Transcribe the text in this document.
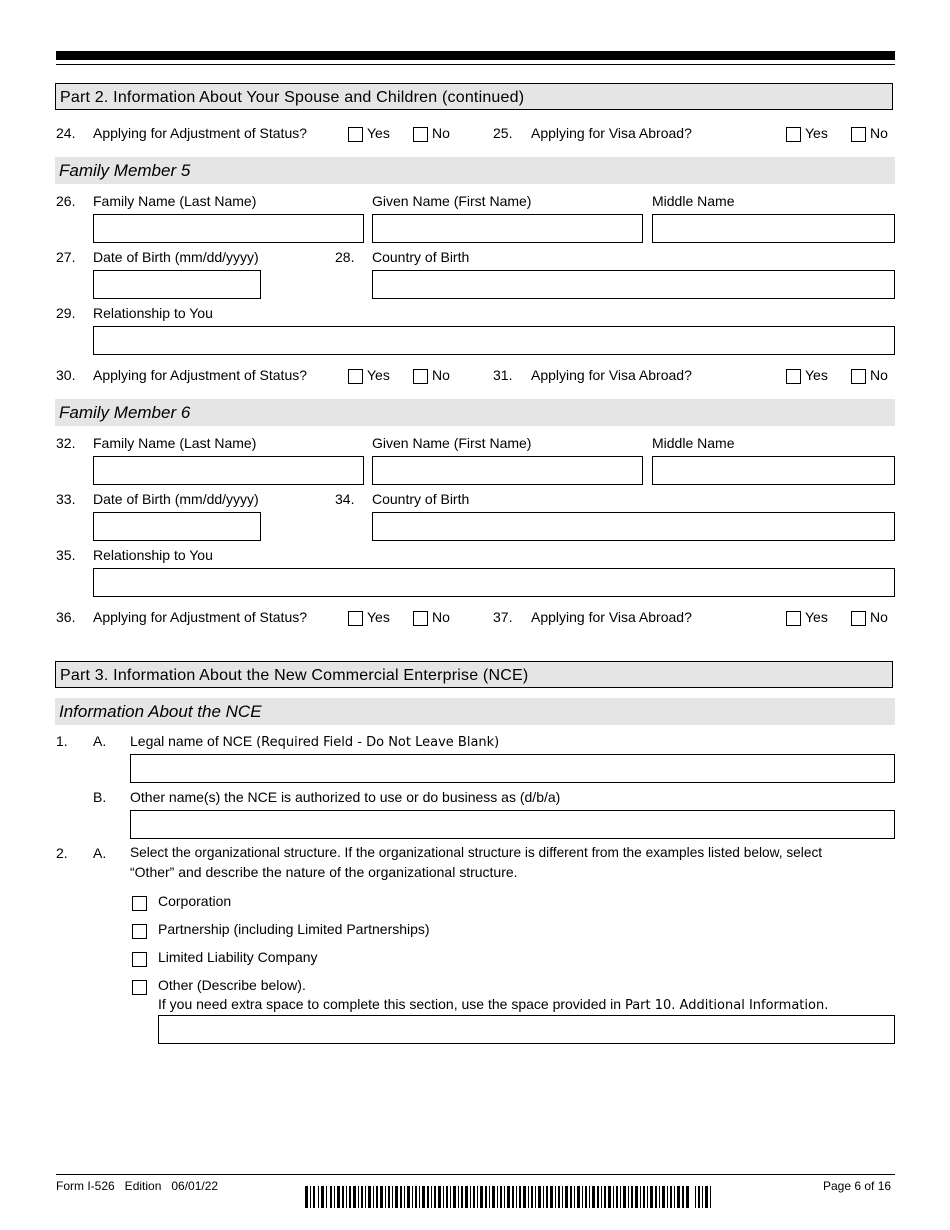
Part 2. Information About Your Spouse and Children (continued)
24. Applying for Adjustment of Status?	Yes	No	25. Applying for Visa Abroad?	Yes	No
Family Member 5
26. Family Name (Last Name)	Given Name (First Name)	Middle Name
27. Date of Birth (mm/dd/yyyy)	28. Country of Birth
29. Relationship to You
30. Applying for Adjustment of Status?	Yes	No	31. Applying for Visa Abroad?	Yes	No
Family Member 6
32. Family Name (Last Name)	Given Name (First Name)	Middle Name
33. Date of Birth (mm/dd/yyyy)	34. Country of Birth
35. Relationship to You
36. Applying for Adjustment of Status?	Yes	No	37. Applying for Visa Abroad?	Yes	No
Part 3. Information About the New Commercial Enterprise (NCE)
Information About the NCE
1. A. Legal name of NCE (Required Field - Do Not Leave Blank)
B. Other name(s) the NCE is authorized to use or do business as (d/b/a)
2. A. Select the organizational structure. If the organizational structure is different from the examples listed below, select
“Other” and describe the nature of the organizational structure.
Corporation
Partnership (including Limited Partnerships)
Limited Liability Company
Other (Describe below).
If you need extra space to complete this section, use the space provided in Part 10. Additional Information.
Form I-526   Edition   06/01/22	Page 6 of 16
